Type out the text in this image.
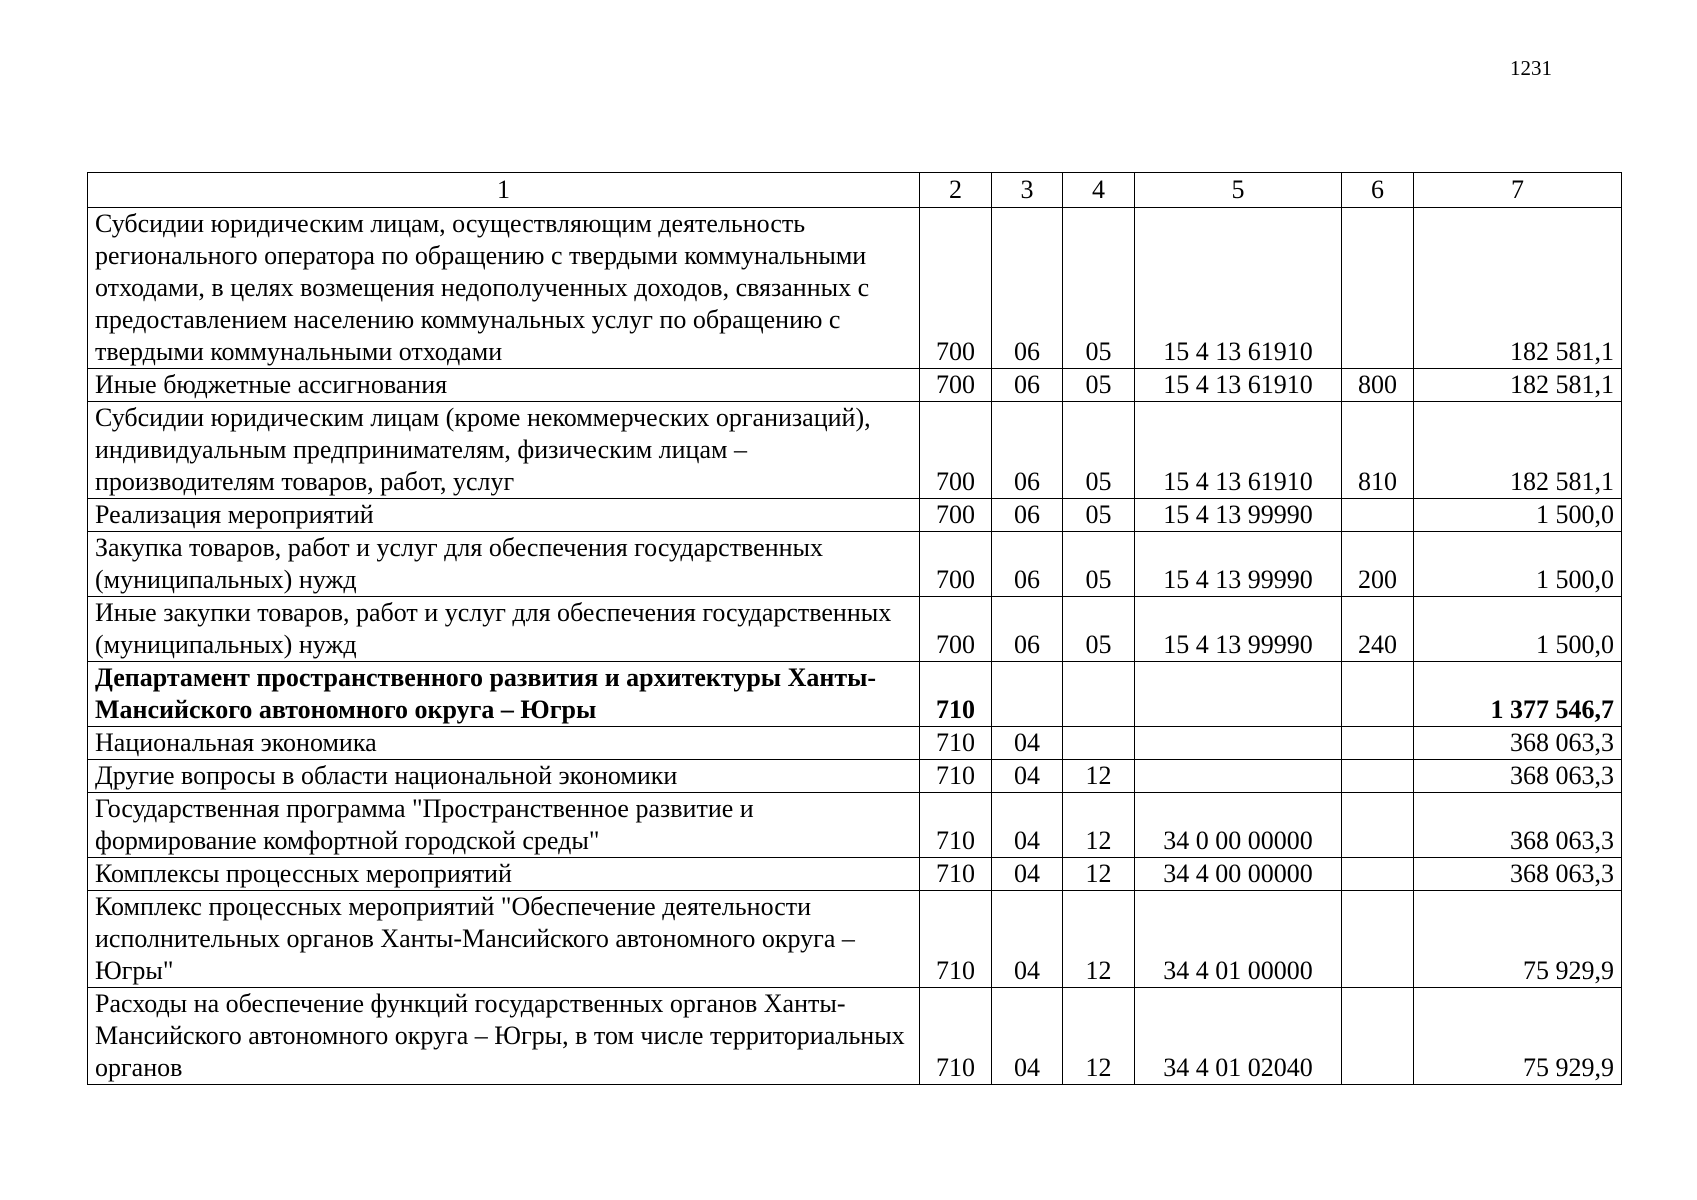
1231
1	2	3	4	5	6	7
Субсидии юридическим лицам, осуществляющим деятельность регионального оператора по обращению с твердыми коммунальными отходами, в целях возмещения недополученных доходов, связанных с предоставлением населению коммунальных услуг по обращению с твердыми коммунальными отходами	700	06	05	15 4 13 61910		182 581,1
Иные бюджетные ассигнования	700	06	05	15 4 13 61910	800	182 581,1
Субсидии юридическим лицам (кроме некоммерческих организаций), индивидуальным предпринимателям, физическим лицам – производителям товаров, работ, услуг	700	06	05	15 4 13 61910	810	182 581,1
Реализация мероприятий	700	06	05	15 4 13 99990		1 500,0
Закупка товаров, работ и услуг для обеспечения государственных (муниципальных) нужд	700	06	05	15 4 13 99990	200	1 500,0
Иные закупки товаров, работ и услуг для обеспечения государственных (муниципальных) нужд	700	06	05	15 4 13 99990	240	1 500,0
Департамент пространственного развития и архитектуры Ханты-Мансийского автономного округа – Югры	710					1 377 546,7
Национальная экономика	710	04				368 063,3
Другие вопросы в области национальной экономики	710	04	12			368 063,3
Государственная программа "Пространственное развитие и формирование комфортной городской среды"	710	04	12	34 0 00 00000		368 063,3
Комплексы процессных мероприятий	710	04	12	34 4 00 00000		368 063,3
Комплекс процессных мероприятий "Обеспечение деятельности исполнительных органов Ханты-Мансийского автономного округа – Югры"	710	04	12	34 4 01 00000		75 929,9
Расходы на обеспечение функций государственных органов Ханты-Мансийского автономного округа – Югры, в том числе территориальных органов	710	04	12	34 4 01 02040		75 929,9
